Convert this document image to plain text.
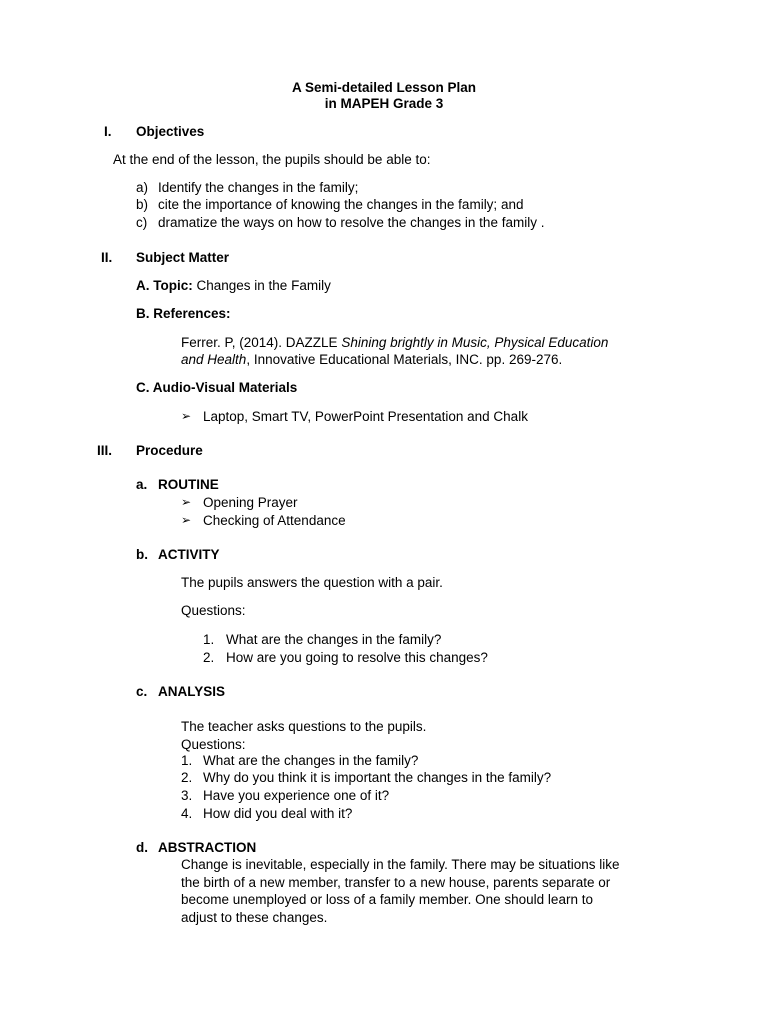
A Semi-detailed Lesson Plan
in MAPEH Grade 3
I. Objectives
At the end of the lesson, the pupils should be able to:
a) Identify the changes in the family;
b) cite the importance of knowing the changes in the family; and
c) dramatize the ways on how to resolve the changes in the family .
II. Subject Matter
A. Topic: Changes in the Family
B. References:
Ferrer. P, (2014). DAZZLE Shining brightly in Music, Physical Education
and Health, Innovative Educational Materials, INC. pp. 269-276.
C. Audio-Visual Materials
➢ Laptop, Smart TV, PowerPoint Presentation and Chalk
III. Procedure
a. ROUTINE
➢ Opening Prayer
➢ Checking of Attendance
b. ACTIVITY
The pupils answers the question with a pair.
Questions:
1. What are the changes in the family?
2. How are you going to resolve this changes?
c. ANALYSIS
The teacher asks questions to the pupils.
Questions:
1. What are the changes in the family?
2. Why do you think it is important the changes in the family?
3. Have you experience one of it?
4. How did you deal with it?
d. ABSTRACTION
Change is inevitable, especially in the family. There may be situations like
the birth of a new member, transfer to a new house, parents separate or
become unemployed or loss of a family member. One should learn to
adjust to these changes.
